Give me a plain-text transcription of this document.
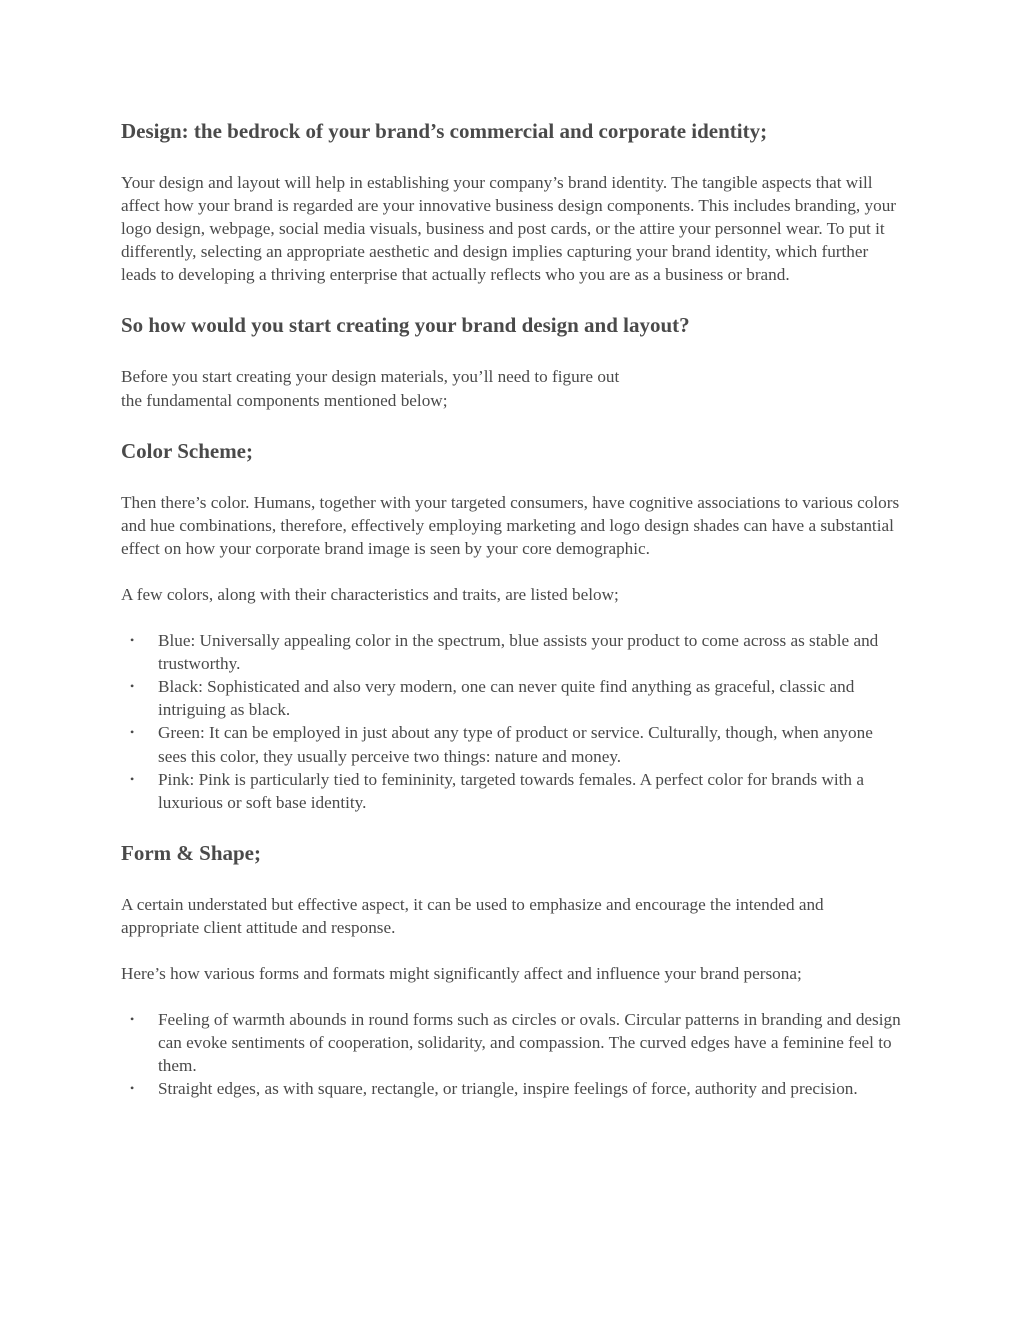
Design: the bedrock of your brand’s commercial and corporate identity;

Your design and layout will help in establishing your company’s brand identity. The tangible aspects that will affect how your brand is regarded are your innovative business design components. This includes branding, your logo design, webpage, social media visuals, business and post cards, or the attire your personnel wear. To put it differently, selecting an appropriate aesthetic and design implies capturing your brand identity, which further leads to developing a thriving enterprise that actually reflects who you are as a business or brand.

So how would you start creating your brand design and layout?

Before you start creating your design materials, you’ll need to figure out
the fundamental components mentioned below;

Color Scheme;

Then there’s color. Humans, together with your targeted consumers, have cognitive associations to various colors and hue combinations, therefore, effectively employing marketing and logo design shades can have a substantial effect on how your corporate brand image is seen by your core demographic.

A few colors, along with their characteristics and traits, are listed below;

• Blue: Universally appealing color in the spectrum, blue assists your product to come across as stable and trustworthy.
• Black: Sophisticated and also very modern, one can never quite find anything as graceful, classic and intriguing as black.
• Green: It can be employed in just about any type of product or service. Culturally, though, when anyone sees this color, they usually perceive two things: nature and money.
• Pink: Pink is particularly tied to femininity, targeted towards females. A perfect color for brands with a luxurious or soft base identity.
Form & Shape;

A certain understated but effective aspect, it can be used to emphasize and encourage the intended and appropriate client attitude and response.

Here’s how various forms and formats might significantly affect and influence your brand persona;

• Feeling of warmth abounds in round forms such as circles or ovals. Circular patterns in branding and design can evoke sentiments of cooperation, solidarity, and compassion. The curved edges have a feminine feel to them.
• Straight edges, as with square, rectangle, or triangle, inspire feelings of force, authority and precision.
